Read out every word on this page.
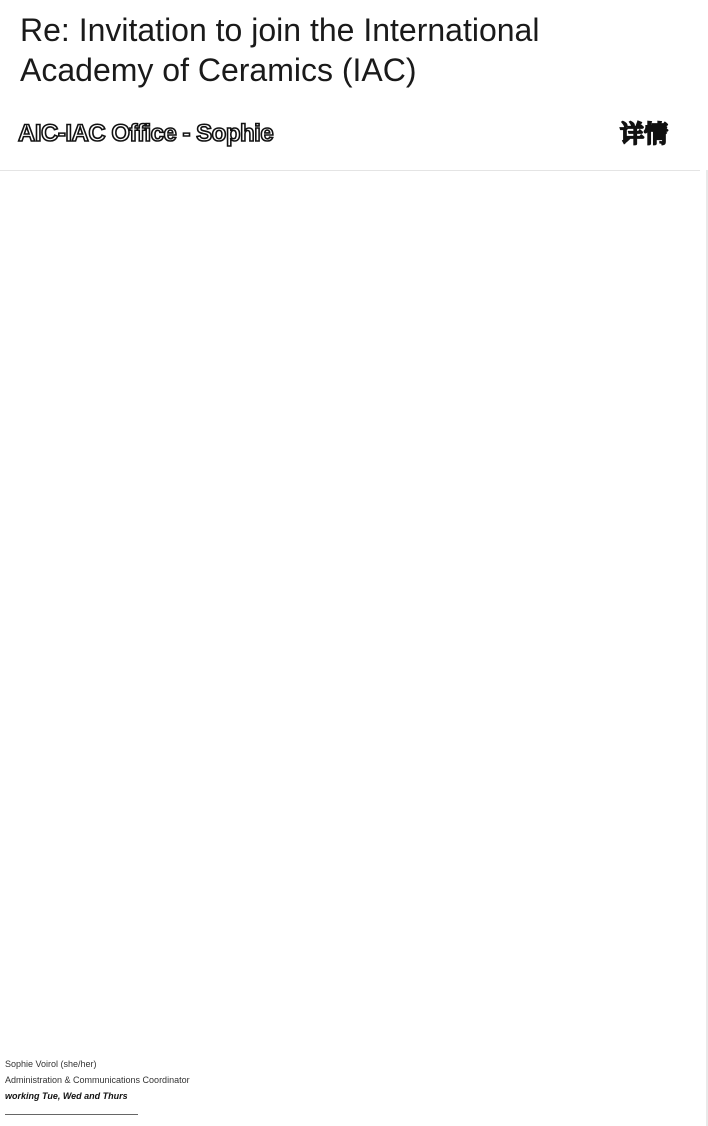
Re: Invitation to join the International
Academy of Ceramics (IAC)
AIC-IAC Office - Sophie	详情
Sophie Voirol (she/her)
Administration & Communications Coordinator
working Tue, Wed and Thurs
